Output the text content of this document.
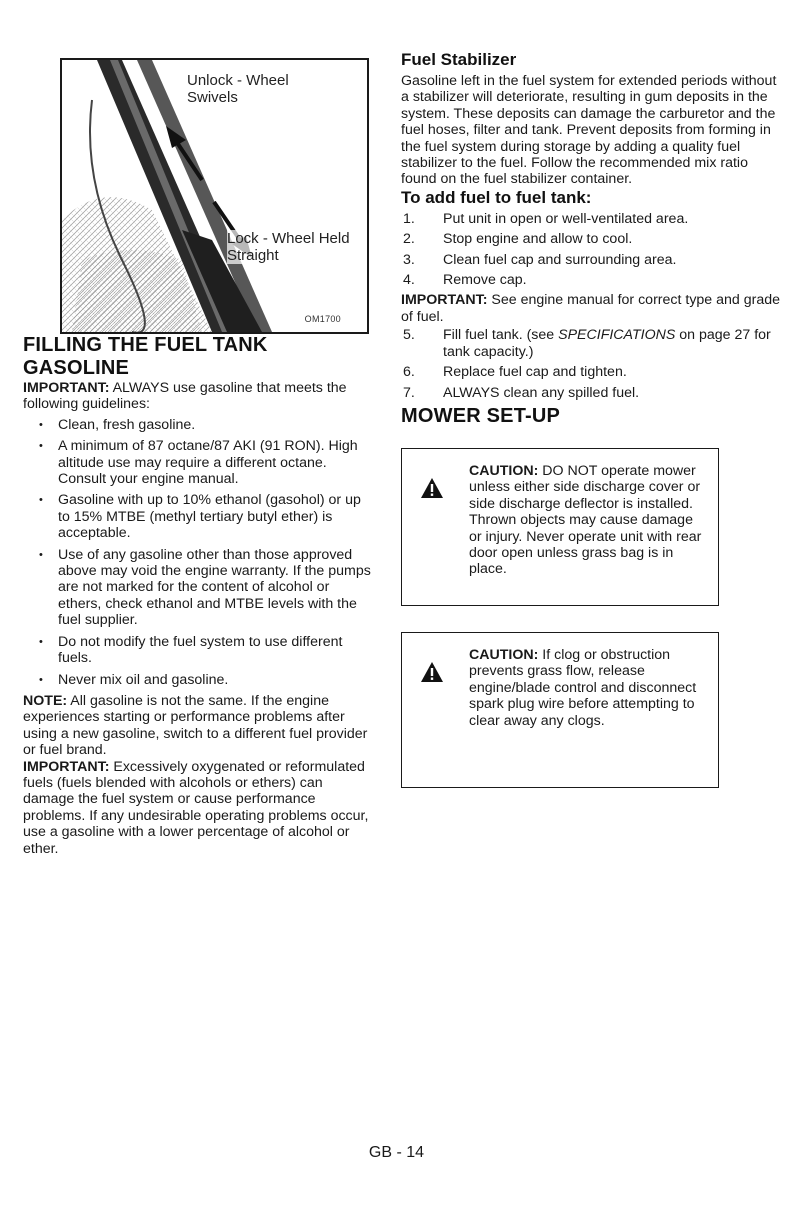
Unlock - Wheel
Swivels
Lock - Wheel Held
Straight
OM1700
FILLING THE FUEL TANK
GASOLINE

IMPORTANT: ALWAYS use gasoline that meets the following guidelines:

• Clean, fresh gasoline.
• A minimum of 87 octane/87 AKI (91 RON). High altitude use may require a different octane. Consult your engine manual.
• Gasoline with up to 10% ethanol (gasohol) or up to 15% MTBE (methyl tertiary butyl ether) is acceptable.
• Use of any gasoline other than those approved above may void the engine warranty. If the pumps are not marked for the content of alcohol or ethers, check ethanol and MTBE levels with the fuel supplier.
• Do not modify the fuel system to use different fuels.
• Never mix oil and gasoline.

NOTE: All gasoline is not the same. If the engine experiences starting or performance problems after using a new gasoline, switch to a different fuel provider or fuel brand.

IMPORTANT: Excessively oxygenated or reformulated fuels (fuels blended with alcohols or ethers) can damage the fuel system or cause performance problems. If any undesirable operating problems occur, use a gasoline with a lower percentage of alcohol or ether.

Fuel Stabilizer

Gasoline left in the fuel system for extended periods without a stabilizer will deteriorate, resulting in gum deposits in the system. These deposits can damage the carburetor and the fuel hoses, filter and tank. Prevent deposits from forming in the fuel system during storage by adding a quality fuel stabilizer to the fuel. Follow the recommended mix ratio found on the fuel stabilizer container.

To add fuel to fuel tank:
1.	Put unit in open or well-ventilated area.
2.	Stop engine and allow to cool.
3.	Clean fuel cap and surrounding area.
4.	Remove cap.

IMPORTANT: See engine manual for correct type and grade of fuel.

5.	Fill fuel tank. (see SPECIFICATIONS on page 27 for tank capacity.)
6.	Replace fuel cap and tighten.
7.	ALWAYS clean any spilled fuel.
MOWER SET-UP

CAUTION: DO NOT operate mower unless either side discharge cover or side discharge deflector is installed. Thrown objects may cause damage or injury. Never operate unit with rear door open unless grass bag is in place.

CAUTION: If clog or obstruction prevents grass flow, release engine/blade control and disconnect spark plug wire before attempting to clear away any clogs.

GB - 14
